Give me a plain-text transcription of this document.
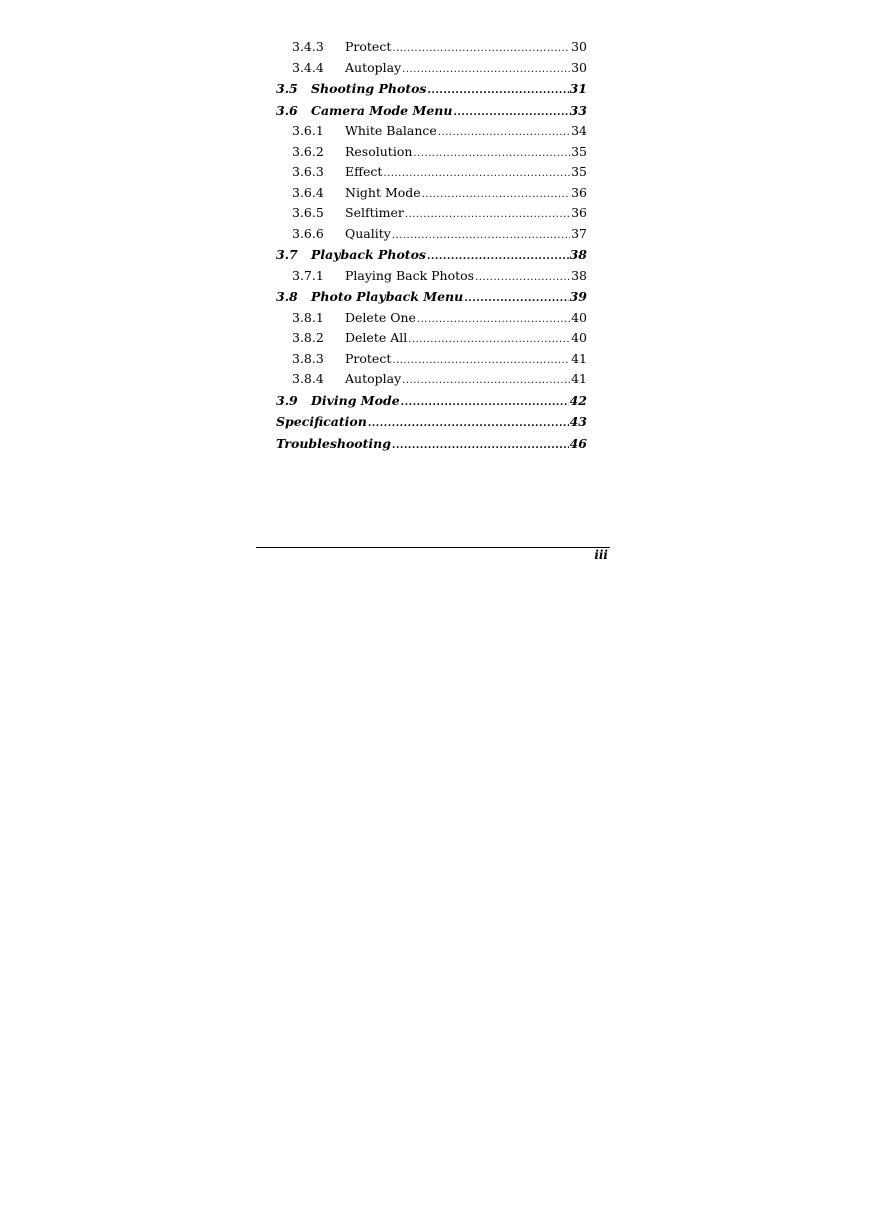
3.4.3	Protect .....	30
3.4.4	Autoplay .....	30
3.5	Shooting Photos .....	31
3.6	Camera Mode Menu .....	33
3.6.1	White Balance .....	34
3.6.2	Resolution .....	35
3.6.3	Effect .....	35
3.6.4	Night Mode .....	36
3.6.5	Selftimer .....	36
3.6.6	Quality .....	37
3.7	Playback Photos .....	38
3.7.1	Playing Back Photos .....	38
3.8	Photo Playback Menu .....	39
3.8.1	Delete One .....	40
3.8.2	Delete All .....	40
3.8.3	Protect .....	41
3.8.4	Autoplay .....	41
3.9	Diving Mode .....	42
Specification .....	43
Troubleshooting .....	46
iii
